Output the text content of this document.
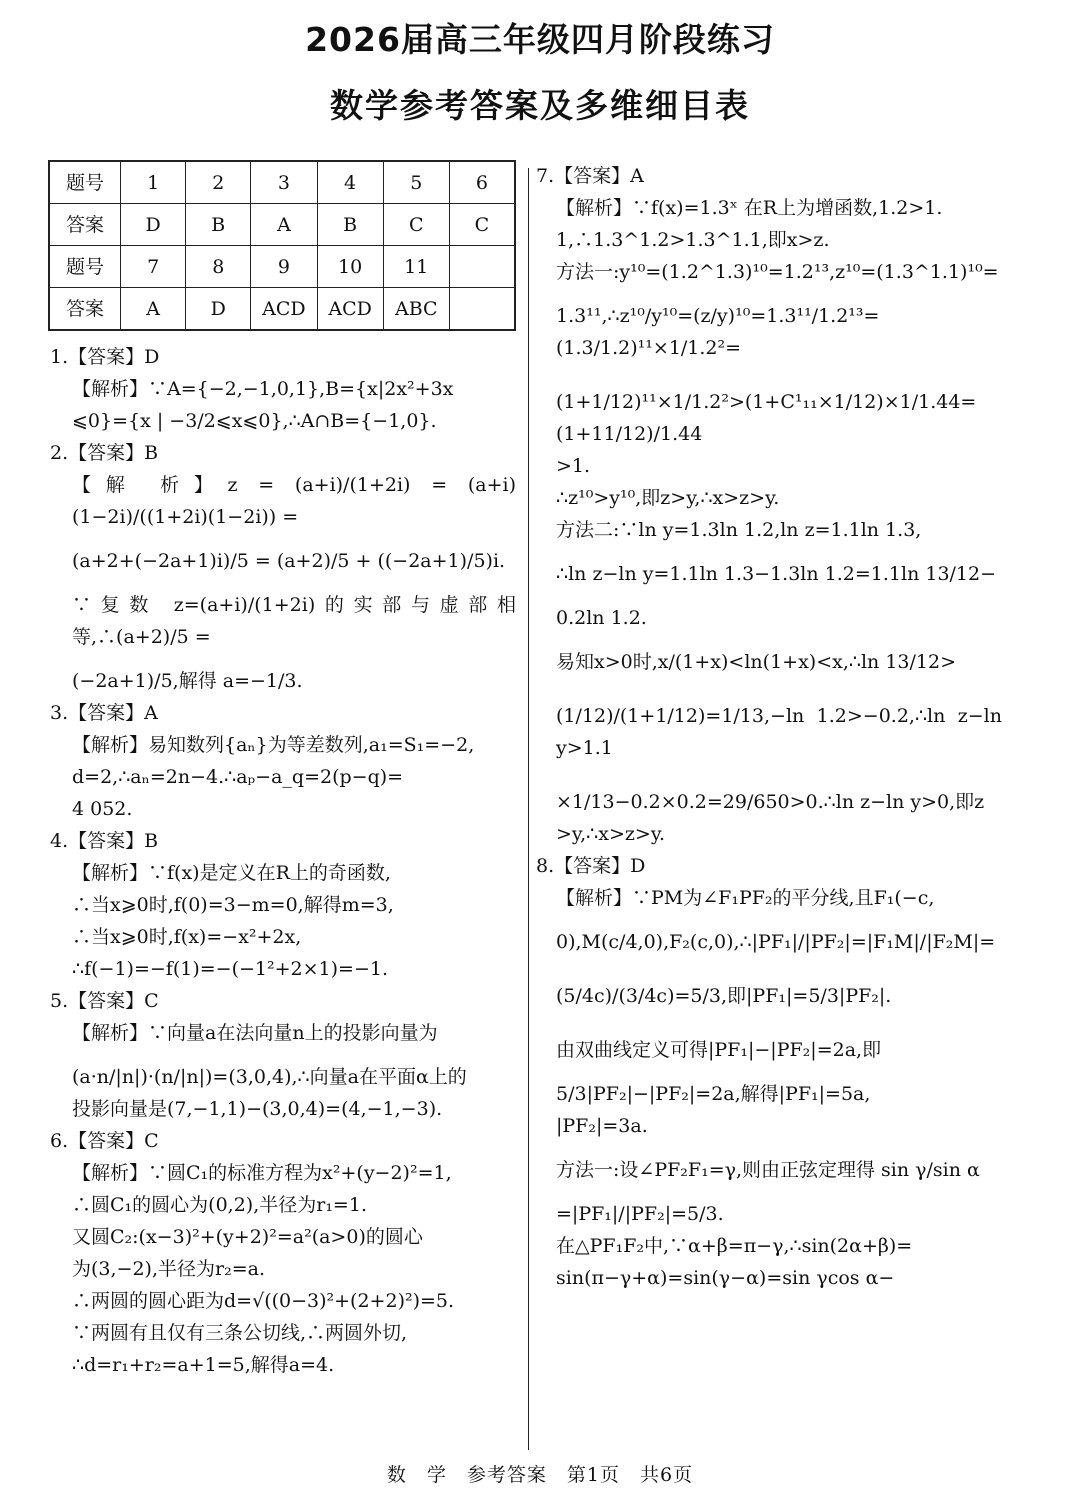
2026届高三年级四月阶段练习
数学参考答案及多维细目表
题号	1	2	3	4	5	6
答案	D	B	A	B	C	C
题号	7	8	9	10	11	
答案	A	D	ACD	ACD	ABC	
1.【答案】D
【解析】∵A={−2,−1,0,1},B={x|2x²+3x
⩽0}={x | −3/2⩽x⩽0},∴A∩B={−1,0}.
2.【答案】B
【解 析】z = (a+i)/(1+2i) = (a+i)(1−2i)/((1+2i)(1−2i)) =
(a+2+(−2a+1)i)/5 = (a+2)/5 + ((−2a+1)/5)i.
∵复数 z=(a+i)/(1+2i)的实部与虚部相等,∴(a+2)/5 =
(−2a+1)/5,解得 a=−1/3.
3.【答案】A
【解析】易知数列{aₙ}为等差数列,a₁=S₁=−2,
d=2,∴aₙ=2n−4.∴aₚ−a_q=2(p−q)=
4 052.
4.【答案】B
【解析】∵f(x)是定义在R上的奇函数,
∴当x⩾0时,f(0)=3−m=0,解得m=3,
∴当x⩾0时,f(x)=−x²+2x,
∴f(−1)=−f(1)=−(−1²+2×1)=−1.
5.【答案】C
【解析】∵向量a在法向量n上的投影向量为
(a·n/|n|)·(n/|n|)=(3,0,4),∴向量a在平面α上的
投影向量是(7,−1,1)−(3,0,4)=(4,−1,−3).
6.【答案】C
【解析】∵圆C₁的标准方程为x²+(y−2)²=1,
∴圆C₁的圆心为(0,2),半径为r₁=1.
又圆C₂:(x−3)²+(y+2)²=a²(a>0)的圆心
为(3,−2),半径为r₂=a.
∴两圆的圆心距为d=√((0−3)²+(2+2)²)=5.
∵两圆有且仅有三条公切线,∴两圆外切,
∴d=r₁+r₂=a+1=5,解得a=4.
7.【答案】A
【解析】∵f(x)=1.3ˣ 在R上为增函数,1.2>1.
1,∴1.3^1.2>1.3^1.1,即x>z.
方法一:y¹⁰=(1.2^1.3)¹⁰=1.2¹³,z¹⁰=(1.3^1.1)¹⁰=
1.3¹¹,∴z¹⁰/y¹⁰=(z/y)¹⁰=1.3¹¹/1.2¹³=(1.3/1.2)¹¹×1/1.2²=
(1+1/12)¹¹×1/1.2²>(1+C¹₁₁×1/12)×1/1.44=(1+11/12)/1.44
>1.
∴z¹⁰>y¹⁰,即z>y,∴x>z>y.
方法二:∵ln y=1.3ln 1.2,ln z=1.1ln 1.3,
∴ln z−ln y=1.1ln 1.3−1.3ln 1.2=1.1ln 13/12−
0.2ln 1.2.
易知x>0时,x/(1+x)<ln(1+x)<x,∴ln 13/12>
(1/12)/(1+1/12)=1/13,−ln 1.2>−0.2,∴ln z−ln y>1.1
×1/13−0.2×0.2=29/650>0.∴ln z−ln y>0,即z
>y,∴x>z>y.
8.【答案】D
【解析】∵PM为∠F₁PF₂的平分线,且F₁(−c,
0),M(c/4,0),F₂(c,0),∴|PF₁|/|PF₂|=|F₁M|/|F₂M|=
(5/4c)/(3/4c)=5/3,即|PF₁|=5/3|PF₂|.
由双曲线定义可得|PF₁|−|PF₂|=2a,即
5/3|PF₂|−|PF₂|=2a,解得|PF₁|=5a,
|PF₂|=3a.
方法一:设∠PF₂F₁=γ,则由正弦定理得 sin γ/sin α
=|PF₁|/|PF₂|=5/3.
在△PF₁F₂中,∵α+β=π−γ,∴sin(2α+β)=
sin(π−γ+α)=sin(γ−α)=sin γcos α−
数　学　参考答案　第1页　共6页
